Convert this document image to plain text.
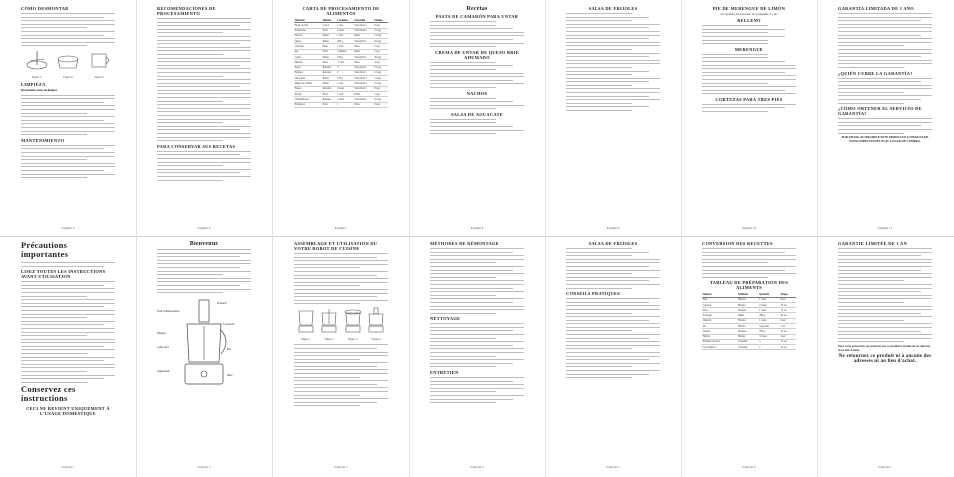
CÓMO DESMONTAR
Figura 5	Figura 6	Figura 7
LIMPIEZA
Desenchufe antes de limpiar.
MANTENIMIENTO
Español 5
RECOMENDACIONES DE PROCESAMIENTO
PARA CONSERVAR SUS RECETAS
Español 6
CARTA DE PROCESAMIENTO DE ALIMENTOS
Alimento	Método	Cantidad	Velocidad	Tiempo
Hojas de Pan	Cortar	1 taza	Velocidad 1	8 seg
Zanahorias	Picar	2 tazas	Velocidad 2	10 seg
Nueces	Moler	1 taza	Pulso	15 seg
Queso	Rallar	200 g	Velocidad 2	20 seg
Cebollas	Picar	1 taza	Pulso	6 seg
Ajo	Picar	4 dientes	Pulso	5 seg
Carne	Moler	250 g	Velocidad 2	30 seg
Hierbas	Picar	½ taza	Pulso	4 seg
Papas	Rebanar	3	Velocidad 1	15 seg
Pepinos	Rebanar	2	Velocidad 1	12 seg
Chocolate	Rallar	100 g	Velocidad 2	15 seg
Migas de Galleta	Moler	1 taza	Velocidad 2	10 seg
Fresas	Rebanar	2 tazas	Velocidad 1	8 seg
Perejil	Picar	1 taza	Pulso	5 seg
Champiñones	Rebanar	2 tazas	Velocidad 1	10 seg
Pimientos	Picar	1	Pulso	6 seg
Español 7
Recetas
PASTA DE CAMARÓN PARA UNTAR
CREMA DE UNTAR DE QUESO BRIE AHUMADO
NACHOS
SALSA DE AGUACATE
Español 8
SALSA DE FRIJOLES
Español 9
PIE DE MERENGUE DE LIMÓN
Un soplador para hornear de 9 pulgadas, ó 1 pie
RELLENO
MERENGUE
CORTEZAS PARA TRES PIES
Español 10
GARANTÍA LIMITADA DE 1 AÑO
¿QUIÉN CUBRE LA GARANTÍA?
¿CÓMO OBTENER EL SERVICIO DE GARANTÍA?
POR FAVOR, NO REGRESE ESTE PRODUCTO A NINGUNA DE ESTAS DIRECCIONES NI AL LUGAR DE COMPRA.
Español 11
Précautions importantes
LISEZ TOUTES LES INSTRUCTIONS AVANT UTILISATION
Conservez ces instructions
CECI NE REVIENT UNIQUEMENT À L'USAGE DOMESTIQUE
Français 1
Bienvenue
Poussoir
Couvercle
Tube d'alimentation
Disques
Lame en S
Bol
Base
Adaptateur
Français 2
ASSEMBLAGE ET UTILISATION DU VOTRE ROBOT DE CUISINE
Figure 1	Figure 2	Figure 3	Figure 4
Français 3
MÉTHODES DE DÉMONTAGE
NETTOYAGE
ENTRETIEN
Français 4
SALSA DE FRIJOLES
CONSEILS PRATIQUES
Français 5
CONVERSION DES RECETTES
TABLEAU DE PRÉPARATION DES ALIMENTS
Aliment	Méthode	Quantité	Temps
Pain	Miettes	1 tasse	8 sec
Carottes	Hacher	2 tasses	10 sec
Noix	Moudre	1 tasse	15 sec
Fromage	Râper	200 g	20 sec
Oignons	Hacher	1 tasse	6 sec
Ail	Hacher	4 gousses	5 sec
Viande	Moudre	250 g	30 sec
Herbes	Hacher	½ tasse	4 sec
Pommes de terre	Trancher	3	15 sec
Concombres	Trancher	2	12 sec
Français 6
GARANTIE LIMITÉE DE 1 AN
Pour votre protection, ne retournez pas ce produit à aucune de ces adresses ni au lieu d'achat.
Ne retournez ce produit ni à aucune des adresses ni au lieu d'achat.
Français 7
